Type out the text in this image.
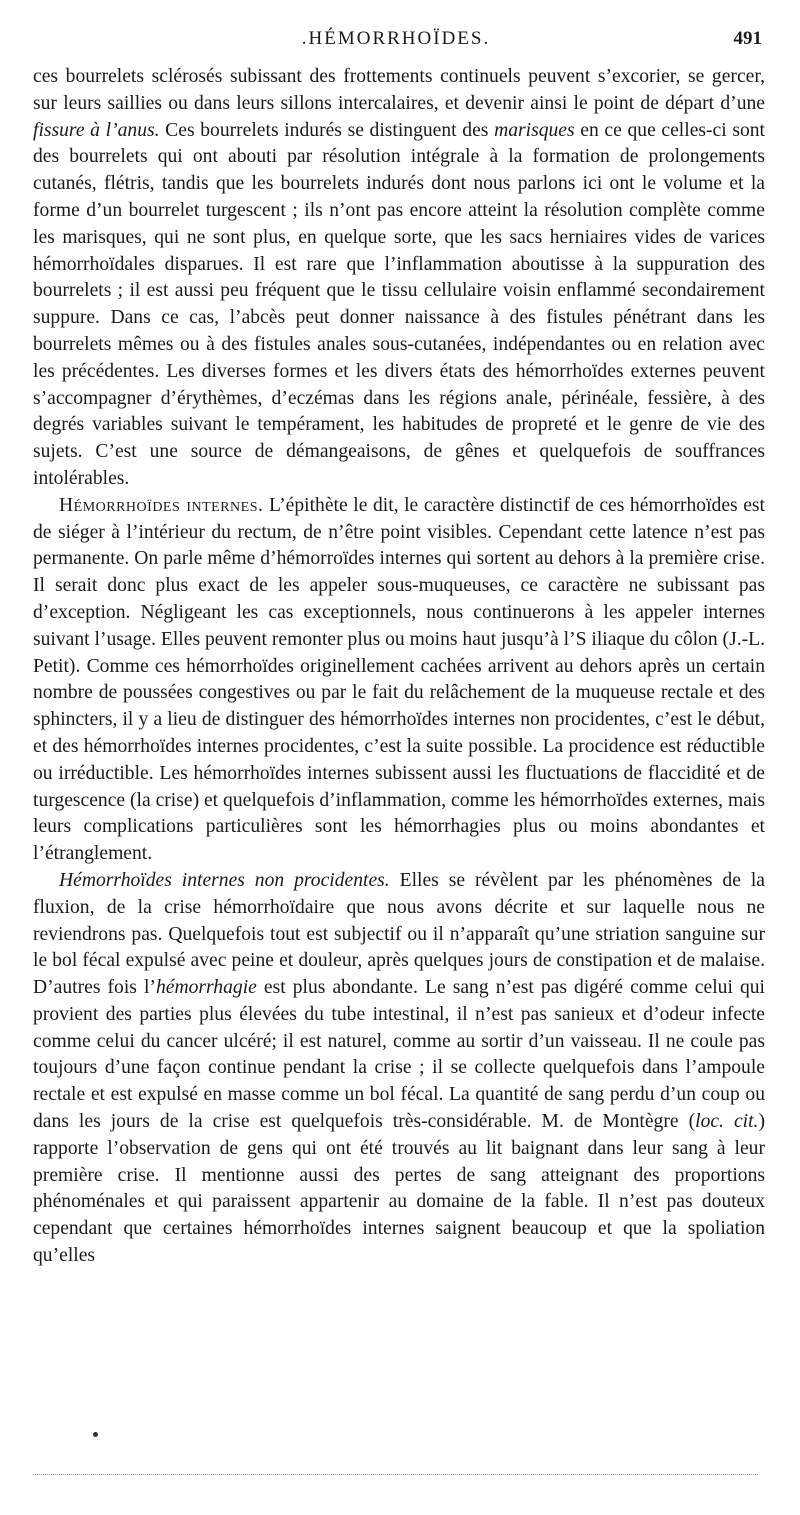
.HÉMORRHOÏDES.	491

ces bourrelets sclérosés subissant des frottements continuels peuvent s’excorier, se gercer, sur leurs saillies ou dans leurs sillons intercalaires, et devenir ainsi le point de départ d’une fissure à l’anus. Ces bourrelets indurés se distinguent des marisques en ce que celles-ci sont des bourrelets qui ont abouti par résolution intégrale à la formation de prolongements cutanés, flétris, tandis que les bourrelets indurés dont nous parlons ici ont le volume et la forme d’un bourrelet turgescent ; ils n’ont pas encore atteint la résolution complète comme les marisques, qui ne sont plus, en quelque sorte, que les sacs herniaires vides de varices hémorrhoïdales disparues. Il est rare que l’inflammation aboutisse à la suppuration des bourrelets ; il est aussi peu fréquent que le tissu cellulaire voisin enflammé secondairement suppure. Dans ce cas, l’abcès peut donner naissance à des fistules pénétrant dans les bourrelets mêmes ou à des fistules anales sous-cutanées, indépendantes ou en relation avec les précédentes. Les diverses formes et les divers états des hémorrhoïdes externes peuvent s’accompagner d’érythèmes, d’eczémas dans les régions anale, périnéale, fessière, à des degrés variables suivant le tempérament, les habitudes de propreté et le genre de vie des sujets. C’est une source de démangeaisons, de gênes et quelquefois de souffrances intolérables.

Hémorrhoïdes internes. L’épithète le dit, le caractère distinctif de ces hémorrhoïdes est de siéger à l’intérieur du rectum, de n’être point visibles. Cependant cette latence n’est pas permanente. On parle même d’hémorroïdes internes qui sortent au dehors à la première crise. Il serait donc plus exact de les appeler sous-muqueuses, ce caractère ne subissant pas d’exception. Négligeant les cas exceptionnels, nous continuerons à les appeler internes suivant l’usage. Elles peuvent remonter plus ou moins haut jusqu’à l’S iliaque du côlon (J.-L. Petit). Comme ces hémorrhoïdes originellement cachées arrivent au dehors après un certain nombre de poussées congestives ou par le fait du relâchement de la muqueuse rectale et des sphincters, il y a lieu de distinguer des hémorrhoïdes internes non procidentes, c’est le début, et des hémorrhoïdes internes procidentes, c’est la suite possible. La procidence est réductible ou irréductible. Les hémorrhoïdes internes subissent aussi les fluctuations de flaccidité et de turgescence (la crise) et quelquefois d’inflammation, comme les hémorrhoïdes externes, mais leurs complications particulières sont les hémorrhagies plus ou moins abondantes et l’étranglement.

Hémorrhoïdes internes non procidentes. Elles se révèlent par les phénomènes de la fluxion, de la crise hémorrhoïdaire que nous avons décrite et sur laquelle nous ne reviendrons pas. Quelquefois tout est subjectif ou il n’apparaît qu’une striation sanguine sur le bol fécal expulsé avec peine et douleur, après quelques jours de constipation et de malaise. D’autres fois l’hémorrhagie est plus abondante. Le sang n’est pas digéré comme celui qui provient des parties plus élevées du tube intestinal, il n’est pas sanieux et d’odeur infecte comme celui du cancer ulcéré; il est naturel, comme au sortir d’un vaisseau. Il ne coule pas toujours d’une façon continue pendant la crise ; il se collecte quelquefois dans l’ampoule rectale et est expulsé en masse comme un bol fécal. La quantité de sang perdu d’un coup ou dans les jours de la crise est quelquefois très-considérable. M. de Montègre (loc. cit.) rapporte l’observation de gens qui ont été trouvés au lit baignant dans leur sang à leur première crise. Il mentionne aussi des pertes de sang atteignant des proportions phénoménales et qui paraissent appartenir au domaine de la fable. Il n’est pas douteux cependant que certaines hémorrhoïdes internes saignent beaucoup et que la spoliation qu’elles
